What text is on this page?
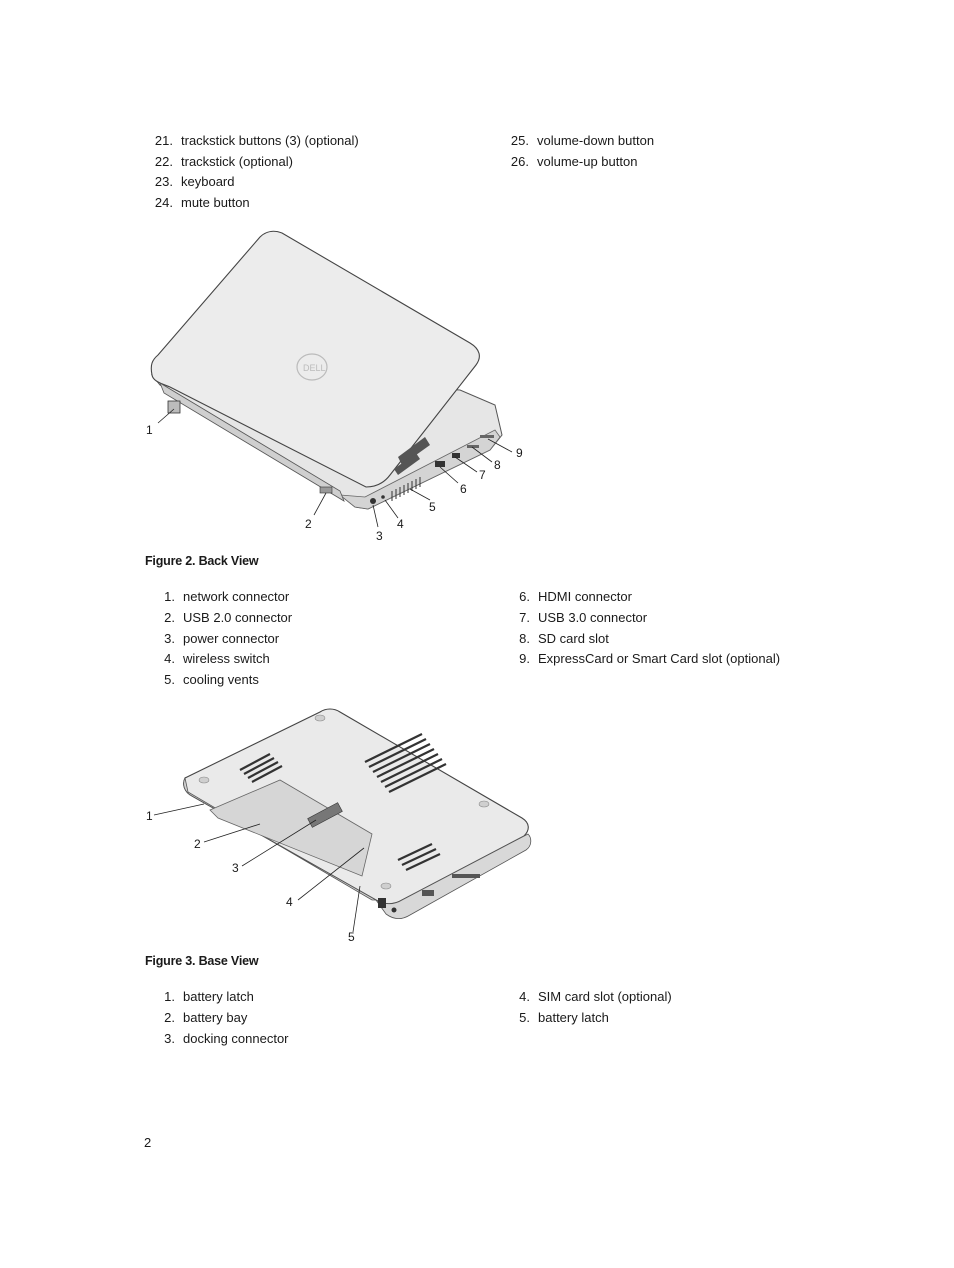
21. trackstick buttons (3) (optional)
22. trackstick (optional)
23. keyboard
24. mute button
25. volume-down button
26. volume-up button
DELL
1
2
3
4
5
6
7
8
9
Figure 2. Back View
1. network connector
2. USB 2.0 connector
3. power connector
4. wireless switch
5. cooling vents
6. HDMI connector
7. USB 3.0 connector
8. SD card slot
9. ExpressCard or Smart Card slot (optional)
1
2
3
4
5
Figure 3. Base View
1. battery latch
2. battery bay
3. docking connector
4. SIM card slot (optional)
5. battery latch
2
